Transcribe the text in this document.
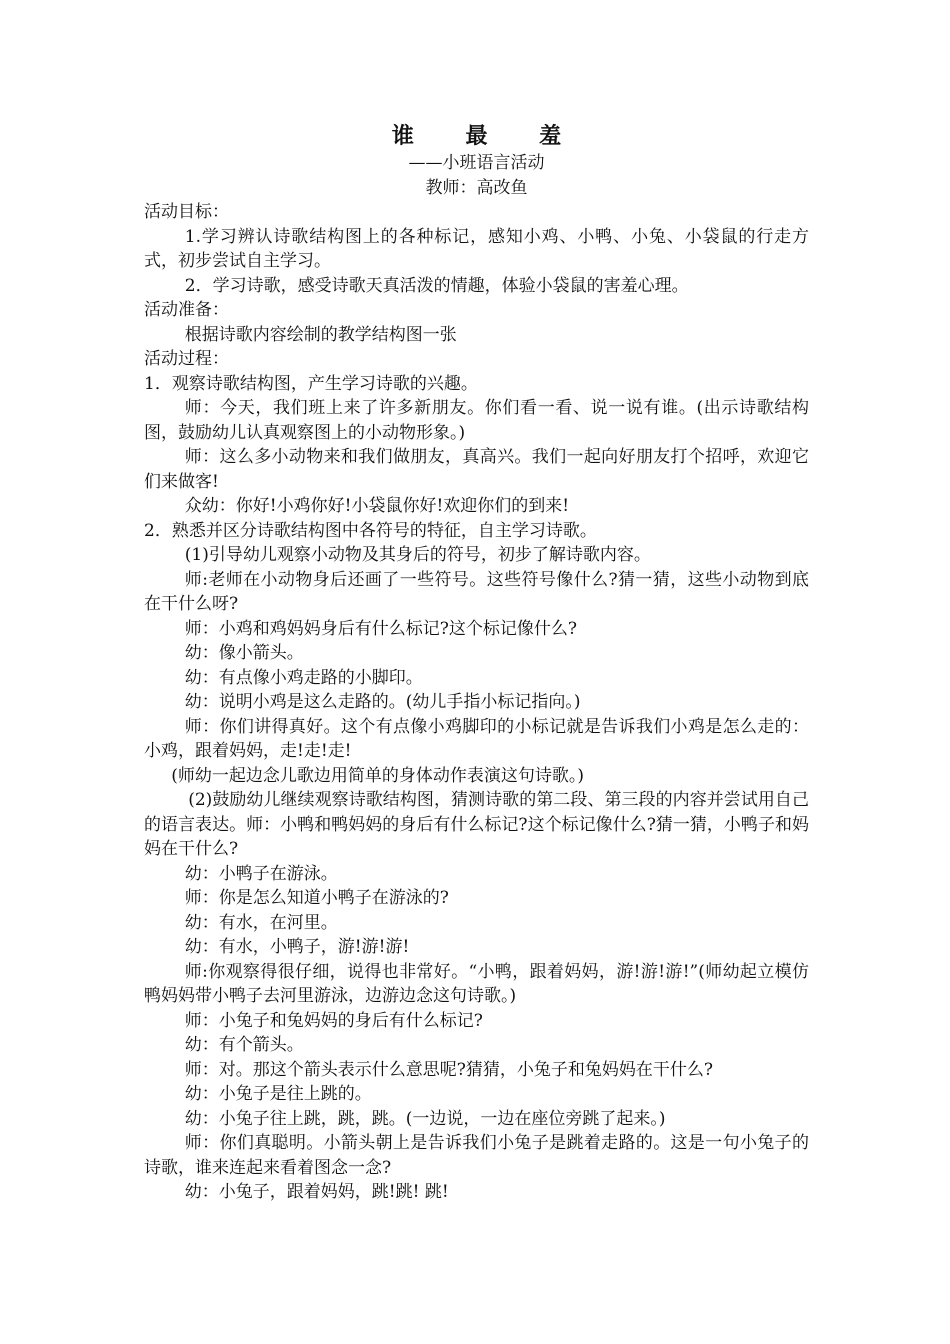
谁 最 羞
——小班语言活动
教师：高改鱼

活动目标：

1.学习辨认诗歌结构图上的各种标记，感知小鸡、小鸭、小兔、小袋鼠的行走方式，初步尝试自主学习。

2．学习诗歌，感受诗歌天真活泼的情趣，体验小袋鼠的害羞心理。

活动准备：

根据诗歌内容绘制的教学结构图一张

活动过程：

1．观察诗歌结构图，产生学习诗歌的兴趣。

师：今天，我们班上来了许多新朋友。你们看一看、说一说有谁。(出示诗歌结构图，鼓励幼儿认真观察图上的小动物形象。)

师：这么多小动物来和我们做朋友，真高兴。我们一起向好朋友打个招呼，欢迎它们来做客!

众幼：你好!小鸡你好!小袋鼠你好!欢迎你们的到来!

2．熟悉并区分诗歌结构图中各符号的特征，自主学习诗歌。

(1)引导幼儿观察小动物及其身后的符号，初步了解诗歌内容。

师:老师在小动物身后还画了一些符号。这些符号像什么?猜一猜，这些小动物到底在干什么呀?

师：小鸡和鸡妈妈身后有什么标记?这个标记像什么?

幼：像小箭头。

幼：有点像小鸡走路的小脚印。

幼：说明小鸡是这么走路的。(幼儿手指小标记指向。)

师：你们讲得真好。这个有点像小鸡脚印的小标记就是告诉我们小鸡是怎么走的：小鸡，跟着妈妈，走!走!走!

(师幼一起边念儿歌边用简单的身体动作表演这句诗歌。)

(2)鼓励幼儿继续观察诗歌结构图，猜测诗歌的第二段、第三段的内容并尝试用自己的语言表达。师：小鸭和鸭妈妈的身后有什么标记?这个标记像什么?猜一猜，小鸭子和妈妈在干什么?

幼：小鸭子在游泳。

师：你是怎么知道小鸭子在游泳的?

幼：有水，在河里。

幼：有水，小鸭子，游!游!游!

师:你观察得很仔细，说得也非常好。“小鸭，跟着妈妈，游!游!游!”(师幼起立模仿鸭妈妈带小鸭子去河里游泳，边游边念这句诗歌。)

师：小兔子和兔妈妈的身后有什么标记?

幼：有个箭头。

师：对。那这个箭头表示什么意思呢?猜猜，小兔子和兔妈妈在干什么?

幼：小兔子是往上跳的。

幼：小兔子往上跳，跳，跳。(一边说，一边在座位旁跳了起来。)

师：你们真聪明。小箭头朝上是告诉我们小兔子是跳着走路的。这是一句小兔子的诗歌，谁来连起来看着图念一念?

幼：小兔子，跟着妈妈，跳!跳! 跳!
